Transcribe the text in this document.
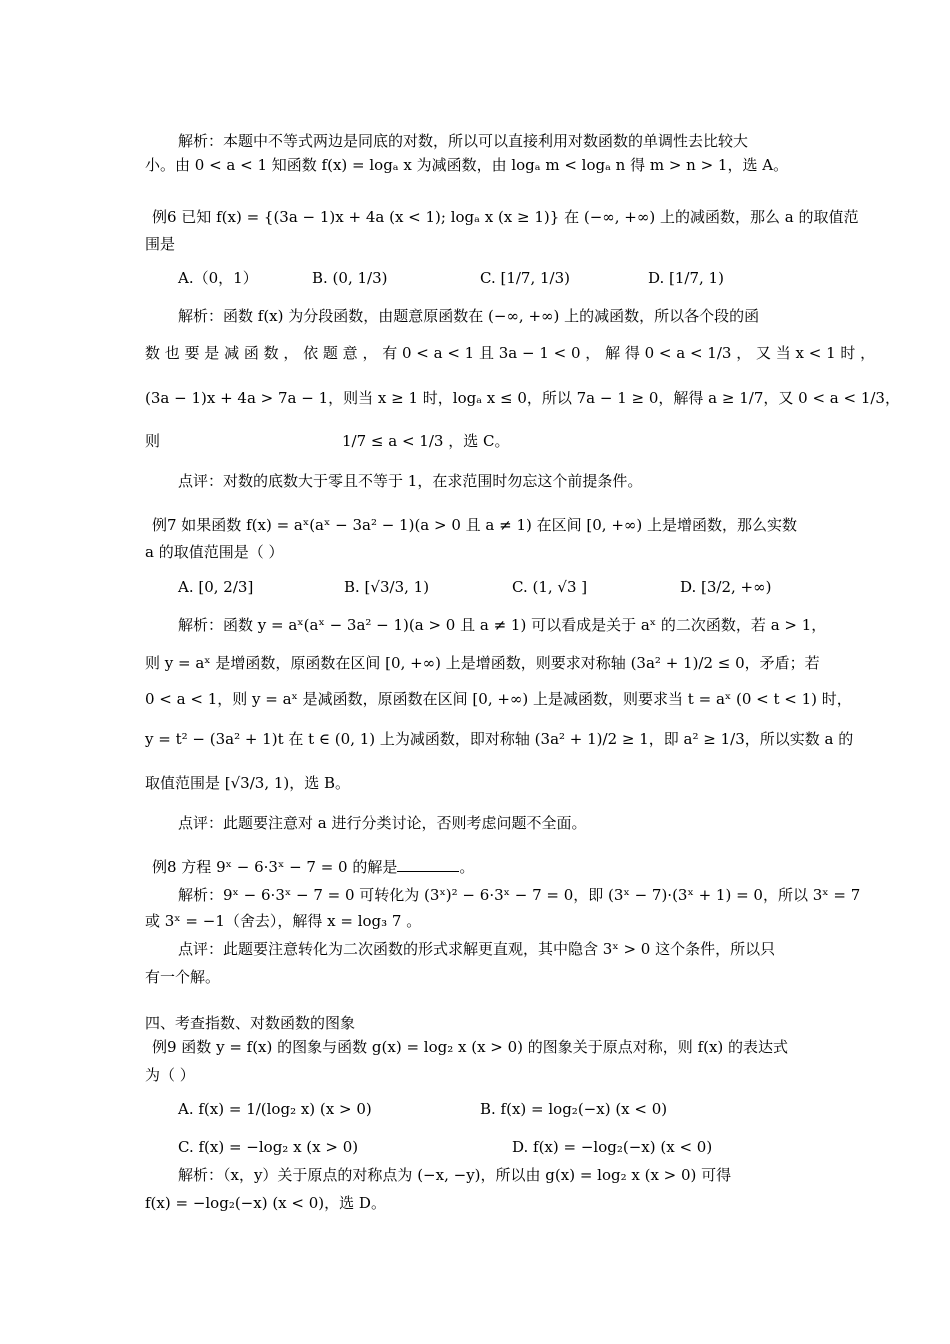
解析：本题中不等式两边是同底的对数，所以可以直接利用对数函数的单调性去比较大
小。由 0 < a < 1 知函数 f(x) = logₐ x 为减函数，由 logₐ m < logₐ n 得 m > n > 1，选 A。
例6 已知 f(x) = {(3a − 1)x + 4a (x < 1); logₐ x (x ≥ 1)} 在 (−∞, +∞) 上的减函数，那么 a 的取值范
围是
A.（0，1）	B. (0, 1/3)	C. [1/7, 1/3)	D. [1/7, 1)
解析：函数 f(x) 为分段函数，由题意原函数在 (−∞, +∞) 上的减函数，所以各个段的函
数 也 要 是 减 函 数 ， 依 题 意 ， 有 0 < a < 1 且 3a − 1 < 0 ， 解 得 0 < a < 1/3 ， 又 当 x < 1 时 ，
(3a − 1)x + 4a > 7a − 1，则当 x ≥ 1 时，logₐ x ≤ 0，所以 7a − 1 ≥ 0，解得 a ≥ 1/7，又 0 < a < 1/3，
则	1/7 ≤ a < 1/3 ，选 C。
点评：对数的底数大于零且不等于 1，在求范围时勿忘这个前提条件。
例7 如果函数 f(x) = aˣ(aˣ − 3a² − 1)(a > 0 且 a ≠ 1) 在区间 [0, +∞) 上是增函数，那么实数
a 的取值范围是（ ）
A. [0, 2/3]	B. [√3/3, 1)	C. (1, √3 ]	D. [3/2, +∞)
解析：函数 y = aˣ(aˣ − 3a² − 1)(a > 0 且 a ≠ 1) 可以看成是关于 aˣ 的二次函数，若 a > 1，
则 y = aˣ 是增函数，原函数在区间 [0, +∞) 上是增函数，则要求对称轴 (3a² + 1)/2 ≤ 0，矛盾；若
0 < a < 1，则 y = aˣ 是减函数，原函数在区间 [0, +∞) 上是减函数，则要求当 t = aˣ (0 < t < 1) 时，
y = t² − (3a² + 1)t 在 t ∈ (0, 1) 上为减函数，即对称轴 (3a² + 1)/2 ≥ 1，即 a² ≥ 1/3，所以实数 a 的
取值范围是 [√3/3, 1)，选 B。
点评：此题要注意对 a 进行分类讨论，否则考虑问题不全面。
例8 方程 9ˣ − 6·3ˣ − 7 = 0 的解是	。
解析：9ˣ − 6·3ˣ − 7 = 0 可转化为 (3ˣ)² − 6·3ˣ − 7 = 0，即 (3ˣ − 7)·(3ˣ + 1) = 0，所以 3ˣ = 7
或 3ˣ = −1（舍去），解得 x = log₃ 7 。
点评：此题要注意转化为二次函数的形式求解更直观，其中隐含 3ˣ > 0 这个条件，所以只
有一个解。
四、考查指数、对数函数的图象
例9 函数 y = f(x) 的图象与函数 g(x) = log₂ x (x > 0) 的图象关于原点对称，则 f(x) 的表达式
为（ ）
A. f(x) = 1/(log₂ x) (x > 0)	B. f(x) = log₂(−x) (x < 0)
C. f(x) = −log₂ x (x > 0)	D. f(x) = −log₂(−x) (x < 0)
解析：（x，y）关于原点的对称点为 (−x, −y)，所以由 g(x) = log₂ x (x > 0) 可得
f(x) = −log₂(−x) (x < 0)，选 D。
